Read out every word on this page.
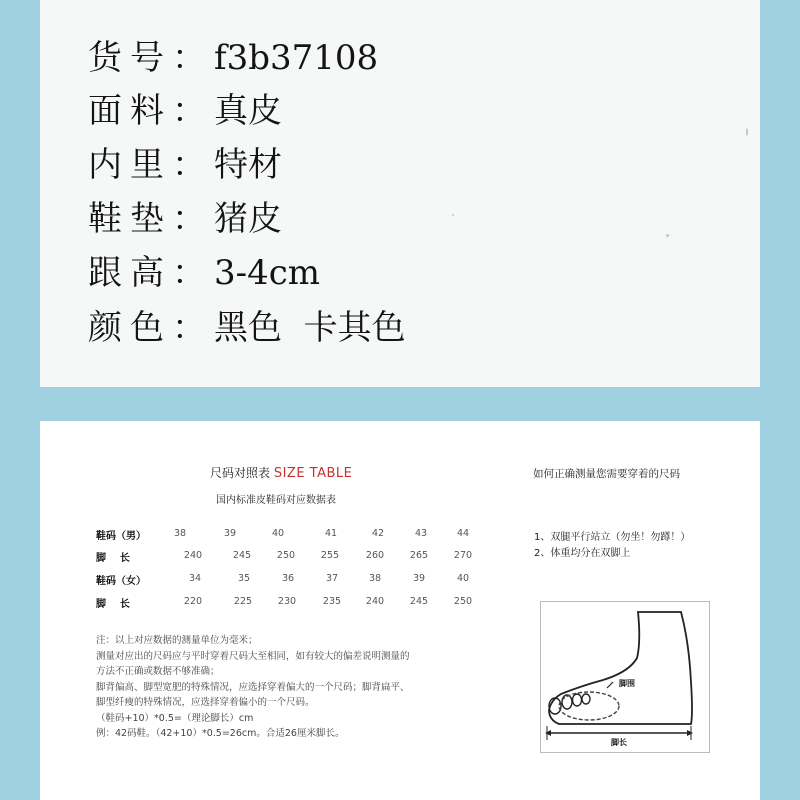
货号：f3b37108
面料：真皮
内里：特材
鞋垫：猪皮
跟高：3-4cm
颜色：黑色  卡其色
尺码对照表 SIZE TABLE
国内标准皮鞋码对应数据表
鞋码（男）	38	39	40	41	42	43	44
脚    长	240	245	250	255	260	265	270
鞋码（女）	34	35	36	37	38	39	40
脚    长	220	225	230	235	240	245	250
注：以上对应数据的测量单位为毫米；
测量对应出的尺码应与平时穿着尺码大至相同，如有较大的偏差说明测量的
方法不正确或数据不够准确；
脚背偏高、脚型宽肥的特殊情况，应选择穿着偏大的一个尺码；脚背扁平、
脚型纤瘦的特殊情况，应选择穿着偏小的一个尺码。
（鞋码+10）*0.5=（理论脚长）cm
例：42码鞋。（42+10）*0.5=26cm。合适26厘米脚长。
如何正确测量您需要穿着的尺码
1、双腿平行站立（勿坐！勿蹲！）
2、体重均分在双脚上
脚围
脚长
